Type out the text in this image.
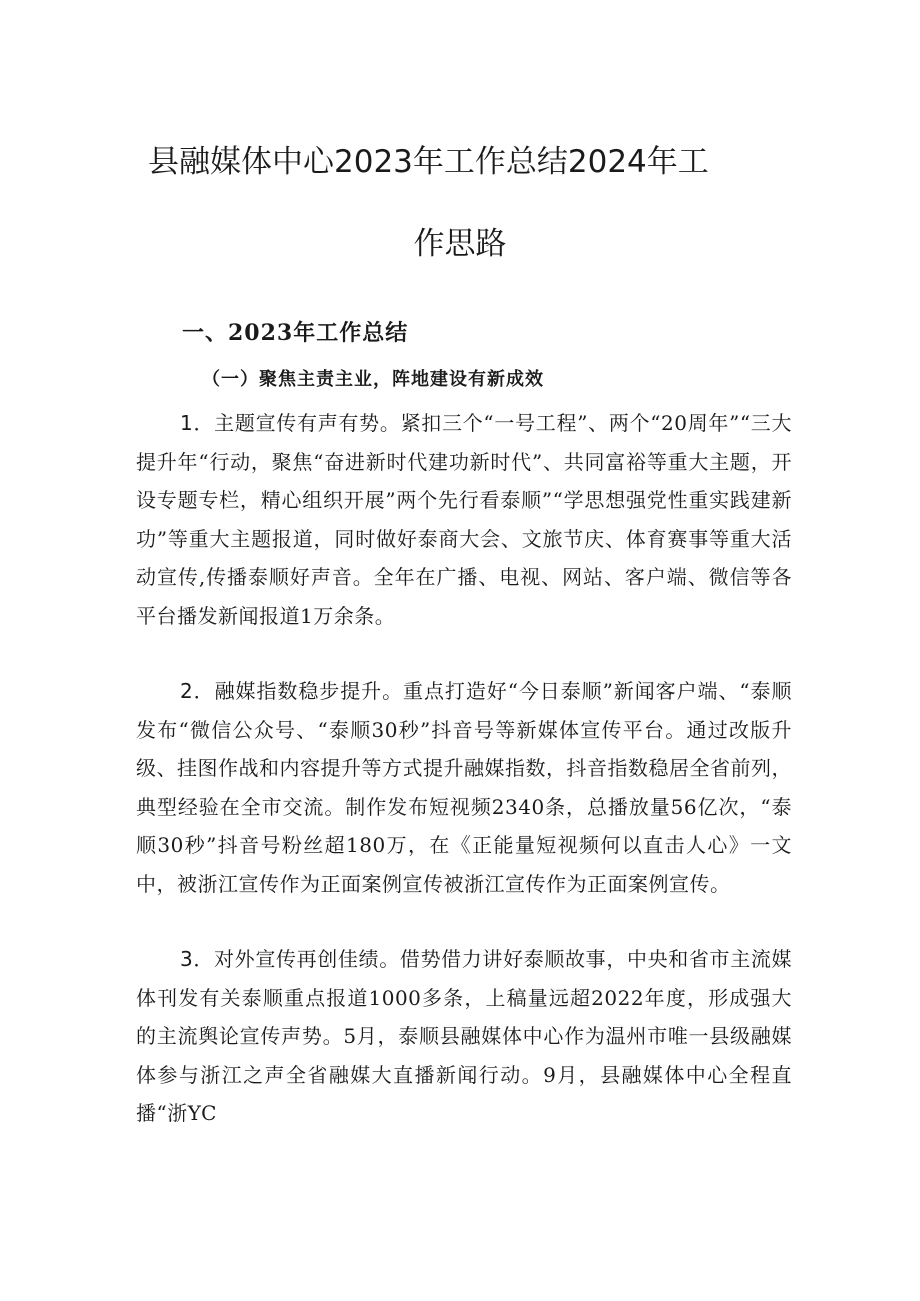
县融媒体中心2023年工作总结2024年工
作思路
一、2023年工作总结
（一）聚焦主责主业，阵地建设有新成效

1．主题宣传有声有势。紧扣三个“一号工程”、两个“20周年”“三大提升年“行动，聚焦“奋进新时代建功新时代”、共同富裕等重大主题，开设专题专栏，精心组织开展”两个先行看泰顺”“学思想强党性重实践建新功”等重大主题报道，同时做好泰商大会、文旅节庆、体育赛事等重大活动宣传,传播泰顺好声音。全年在广播、电视、网站、客户端、微信等各平台播发新闻报道1万余条。

2．融媒指数稳步提升。重点打造好“今日泰顺”新闻客户端、“泰顺发布“微信公众号、“泰顺30秒”抖音号等新媒体宣传平台。通过改版升级、挂图作战和内容提升等方式提升融媒指数，抖音指数稳居全省前列，典型经验在全市交流。制作发布短视频2340条，总播放量56亿次，“泰顺30秒”抖音号粉丝超180万，在《正能量短视频何以直击人心》一文中，被浙江宣传作为正面案例宣传被浙江宣传作为正面案例宣传。

3．对外宣传再创佳绩。借势借力讲好泰顺故事，中央和省市主流媒体刊发有关泰顺重点报道1000多条，上稿量远超2022年度，形成强大的主流舆论宣传声势。5月，泰顺县融媒体中心作为温州市唯一县级融媒体参与浙江之声全省融媒大直播新闻行动。9月，县融媒体中心全程直播“浙YC
